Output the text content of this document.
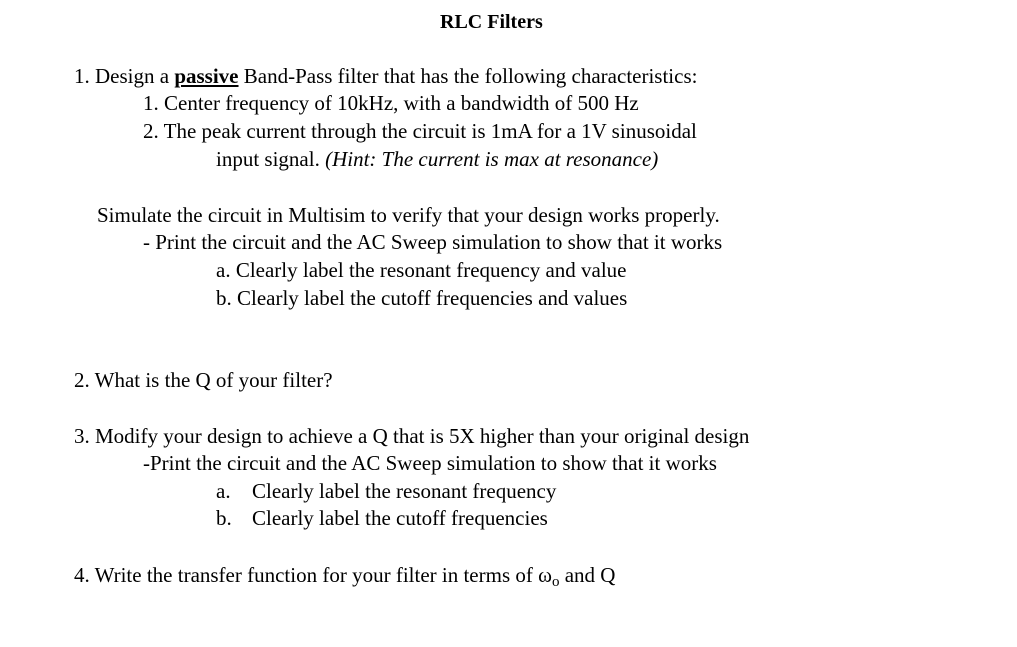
RLC Filters
1. Design a passive Band-Pass filter that has the following characteristics:
1. Center frequency of 10kHz, with a bandwidth of 500 Hz
2. The peak current through the circuit is 1mA for a 1V sinusoidal
input signal. (Hint: The current is max at resonance)
Simulate the circuit in Multisim to verify that your design works properly.
- Print the circuit and the AC Sweep simulation to show that it works
a. Clearly label the resonant frequency and value
b. Clearly label the cutoff frequencies and values
2. What is the Q of your filter?
3. Modify your design to achieve a Q that is 5X higher than your original design
-Print the circuit and the AC Sweep simulation to show that it works
a. Clearly label the resonant frequency
b. Clearly label the cutoff frequencies
4. Write the transfer function for your filter in terms of $\omega_o$ and Q
